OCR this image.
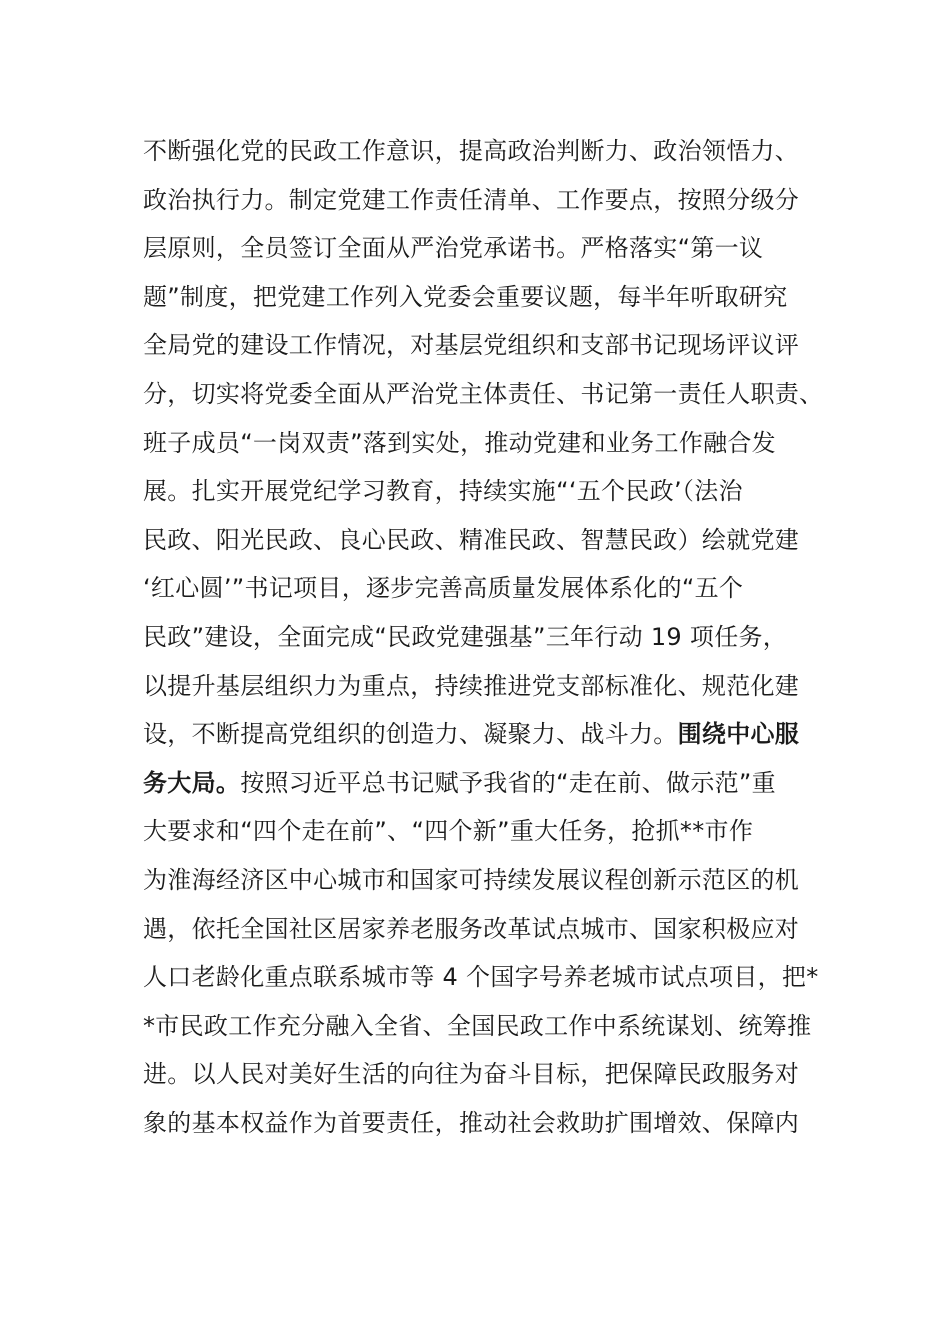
不断强化党的民政工作意识，提高政治判断力、政治领悟力、
政治执行力。制定党建工作责任清单、工作要点，按照分级分
层原则，全员签订全面从严治党承诺书。严格落实“第一议
题”制度，把党建工作列入党委会重要议题，每半年听取研究
全局党的建设工作情况，对基层党组织和支部书记现场评议评
分，切实将党委全面从严治党主体责任、书记第一责任人职责、
班子成员“一岗双责”落到实处，推动党建和业务工作融合发
展。扎实开展党纪学习教育，持续实施“‘五个民政’（法治
民政、阳光民政、良心民政、精准民政、智慧民政）绘就党建
‘红心圆’”书记项目，逐步完善高质量发展体系化的“五个
民政”建设，全面完成“民政党建强基”三年行动 19 项任务，
以提升基层组织力为重点，持续推进党支部标准化、规范化建
设，不断提高党组织的创造力、凝聚力、战斗力。围绕中心服
务大局。按照习近平总书记赋予我省的“走在前、做示范”重
大要求和“四个走在前”、“四个新”重大任务，抢抓**市作
为淮海经济区中心城市和国家可持续发展议程创新示范区的机
遇，依托全国社区居家养老服务改革试点城市、国家积极应对
人口老龄化重点联系城市等 4 个国字号养老城市试点项目，把*
*市民政工作充分融入全省、全国民政工作中系统谋划、统筹推
进。以人民对美好生活的向往为奋斗目标，把保障民政服务对
象的基本权益作为首要责任，推动社会救助扩围增效、保障内
